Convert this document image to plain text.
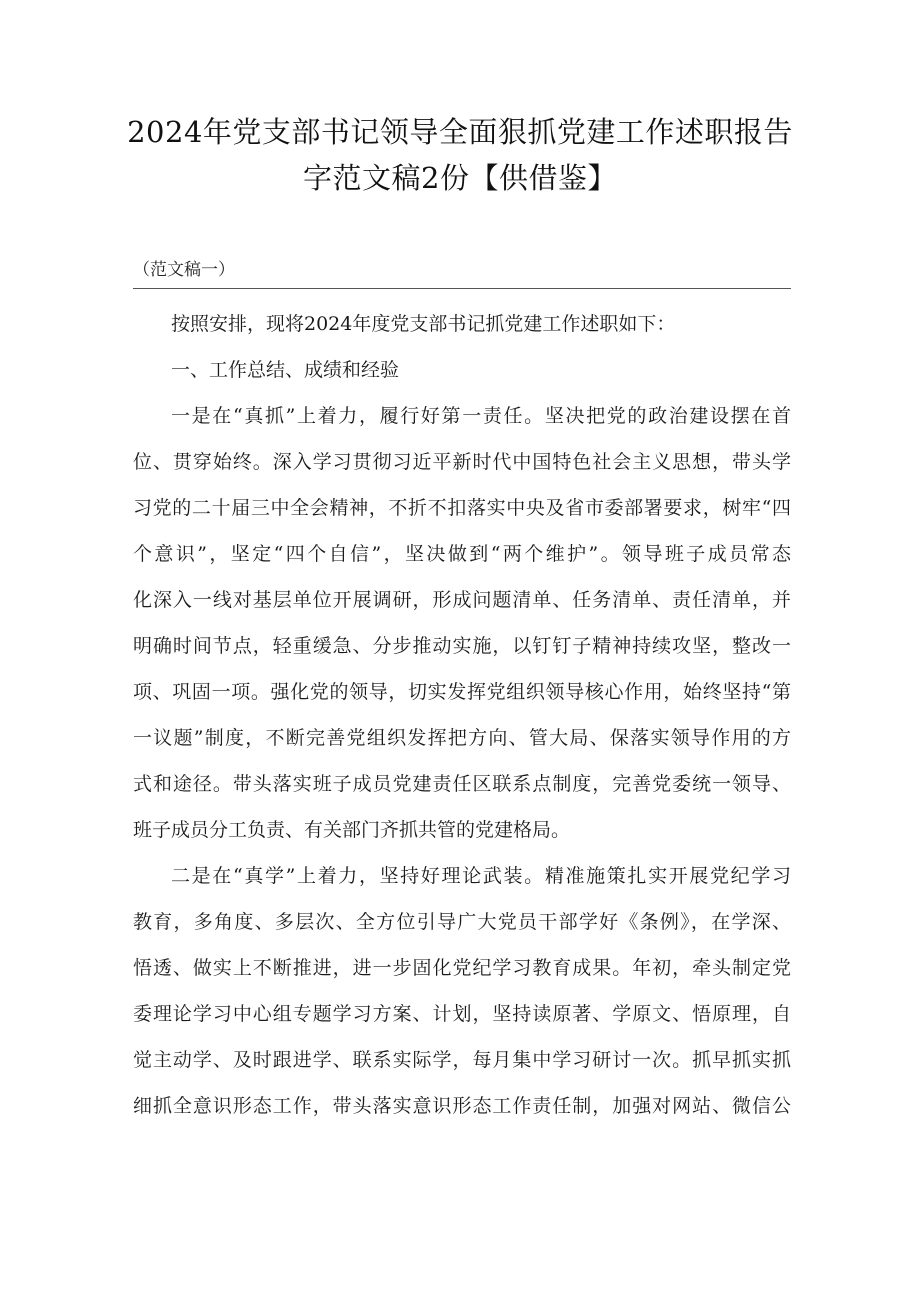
2024年党支部书记领导全面狠抓党建工作述职报告
字范文稿2份【供借鉴】
（范文稿一）
按照安排，现将2024年度党支部书记抓党建工作述职如下：
一、工作总结、成绩和经验
一是在“真抓”上着力，履行好第一责任。坚决把党的政治建设摆在首
位、贯穿始终。深入学习贯彻习近平新时代中国特色社会主义思想，带头学
习党的二十届三中全会精神，不折不扣落实中央及省市委部署要求，树牢“四
个意识”，坚定“四个自信”，坚决做到“两个维护”。领导班子成员常态
化深入一线对基层单位开展调研，形成问题清单、任务清单、责任清单，并
明确时间节点，轻重缓急、分步推动实施，以钉钉子精神持续攻坚，整改一
项、巩固一项。强化党的领导，切实发挥党组织领导核心作用，始终坚持“第
一议题”制度，不断完善党组织发挥把方向、管大局、保落实领导作用的方
式和途径。带头落实班子成员党建责任区联系点制度，完善党委统一领导、
班子成员分工负责、有关部门齐抓共管的党建格局。
二是在“真学”上着力，坚持好理论武装。精准施策扎实开展党纪学习
教育，多角度、多层次、全方位引导广大党员干部学好《条例》，在学深、
悟透、做实上不断推进，进一步固化党纪学习教育成果。年初，牵头制定党
委理论学习中心组专题学习方案、计划，坚持读原著、学原文、悟原理，自
觉主动学、及时跟进学、联系实际学，每月集中学习研讨一次。抓早抓实抓
细抓全意识形态工作，带头落实意识形态工作责任制，加强对网站、微信公
